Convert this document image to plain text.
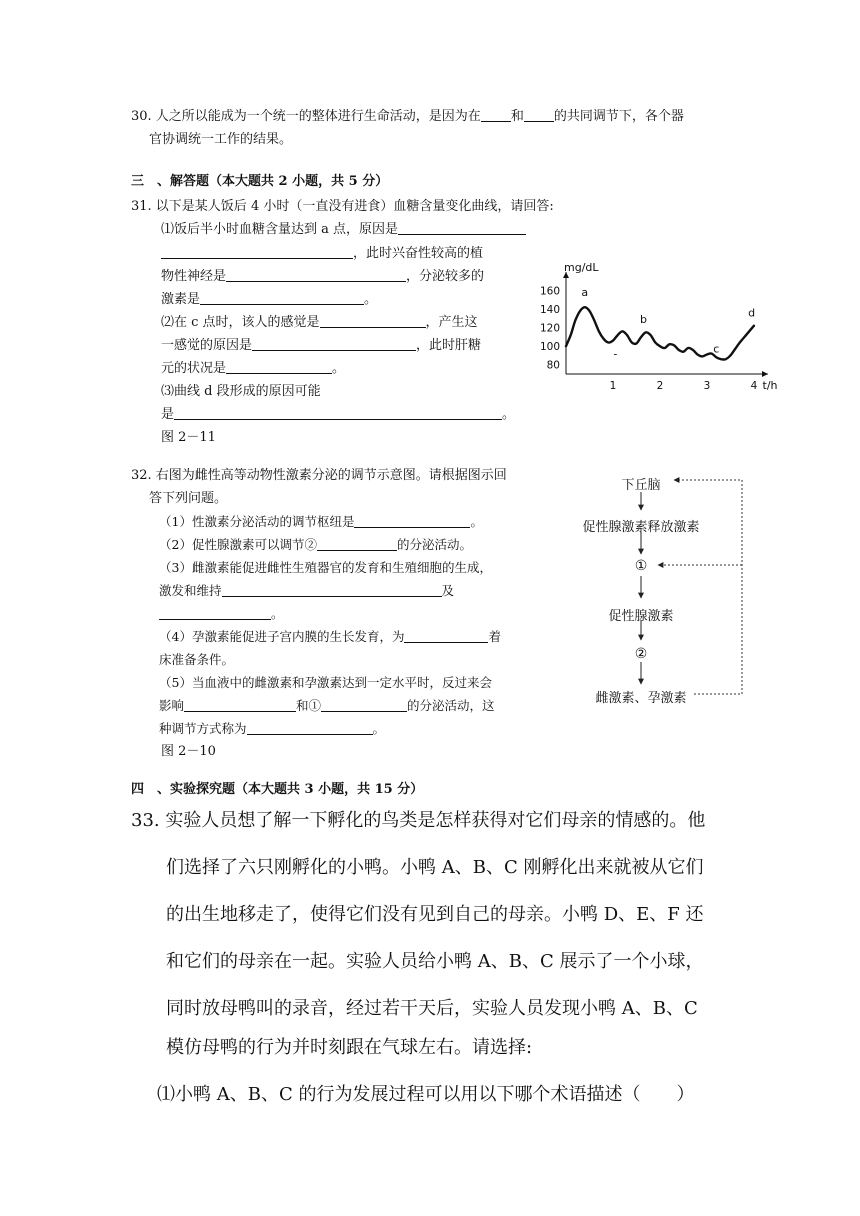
30. 人之所以能成为一个统一的整体进行生命活动，是因为在 和 的共同调节下，各个器
官协调统一工作的结果。
三　、解答题（本大题共 2 小题，共 5 分）
31. 以下是某人饭后 4 小时（一直没有进食）血糖含量变化曲线，请回答:
⑴饭后半小时血糖含量达到 a 点，原因是
，此时兴奋性较高的植
物性神经是	，分泌较多的
激素是	。
⑵在 c 点时，该人的感觉是	，产生这
一感觉的原因是	，此时肝糖
元的状况是	。
⑶曲线 d 段形成的原因可能
是	。
图 2－11
mg/dL
t/h
160
140
120
100
80
1	2	3	4
a
b
c
d
-
32. 右图为雌性高等动物性激素分泌的调节示意图。请根据图示回
答下列问题。
（1）性激素分泌活动的调节枢纽是	。
（2）促性腺激素可以调节②	的分泌活动。
（3）雌激素能促进雌性生殖器官的发育和生殖细胞的生成，
激发和维持	及
。
（4）孕激素能促进子宫内膜的生长发育，为	着
床准备条件。
（5）当血液中的雌激素和孕激素达到一定水平时，反过来会
影响	和①	的分泌活动，这
种调节方式称为	。
图 2－10
下丘脑
促性腺激素释放激素
①
促性腺激素
②
雌激素、孕激素
四　、实验探究题（本大题共 3 小题，共 15 分）
33. 实验人员想了解一下孵化的鸟类是怎样获得对它们母亲的情感的。他
们选择了六只刚孵化的小鸭。小鸭 A、B、C 刚孵化出来就被从它们
的出生地移走了，使得它们没有见到自己的母亲。小鸭 D、E、F 还
和它们的母亲在一起。实验人员给小鸭 A、B、C 展示了一个小球，
同时放母鸭叫的录音，经过若干天后，实验人员发现小鸭 A、B、C
模仿母鸭的行为并时刻跟在气球左右。请选择:
⑴小鸭 A、B、C 的行为发展过程可以用以下哪个术语描述（　　）
